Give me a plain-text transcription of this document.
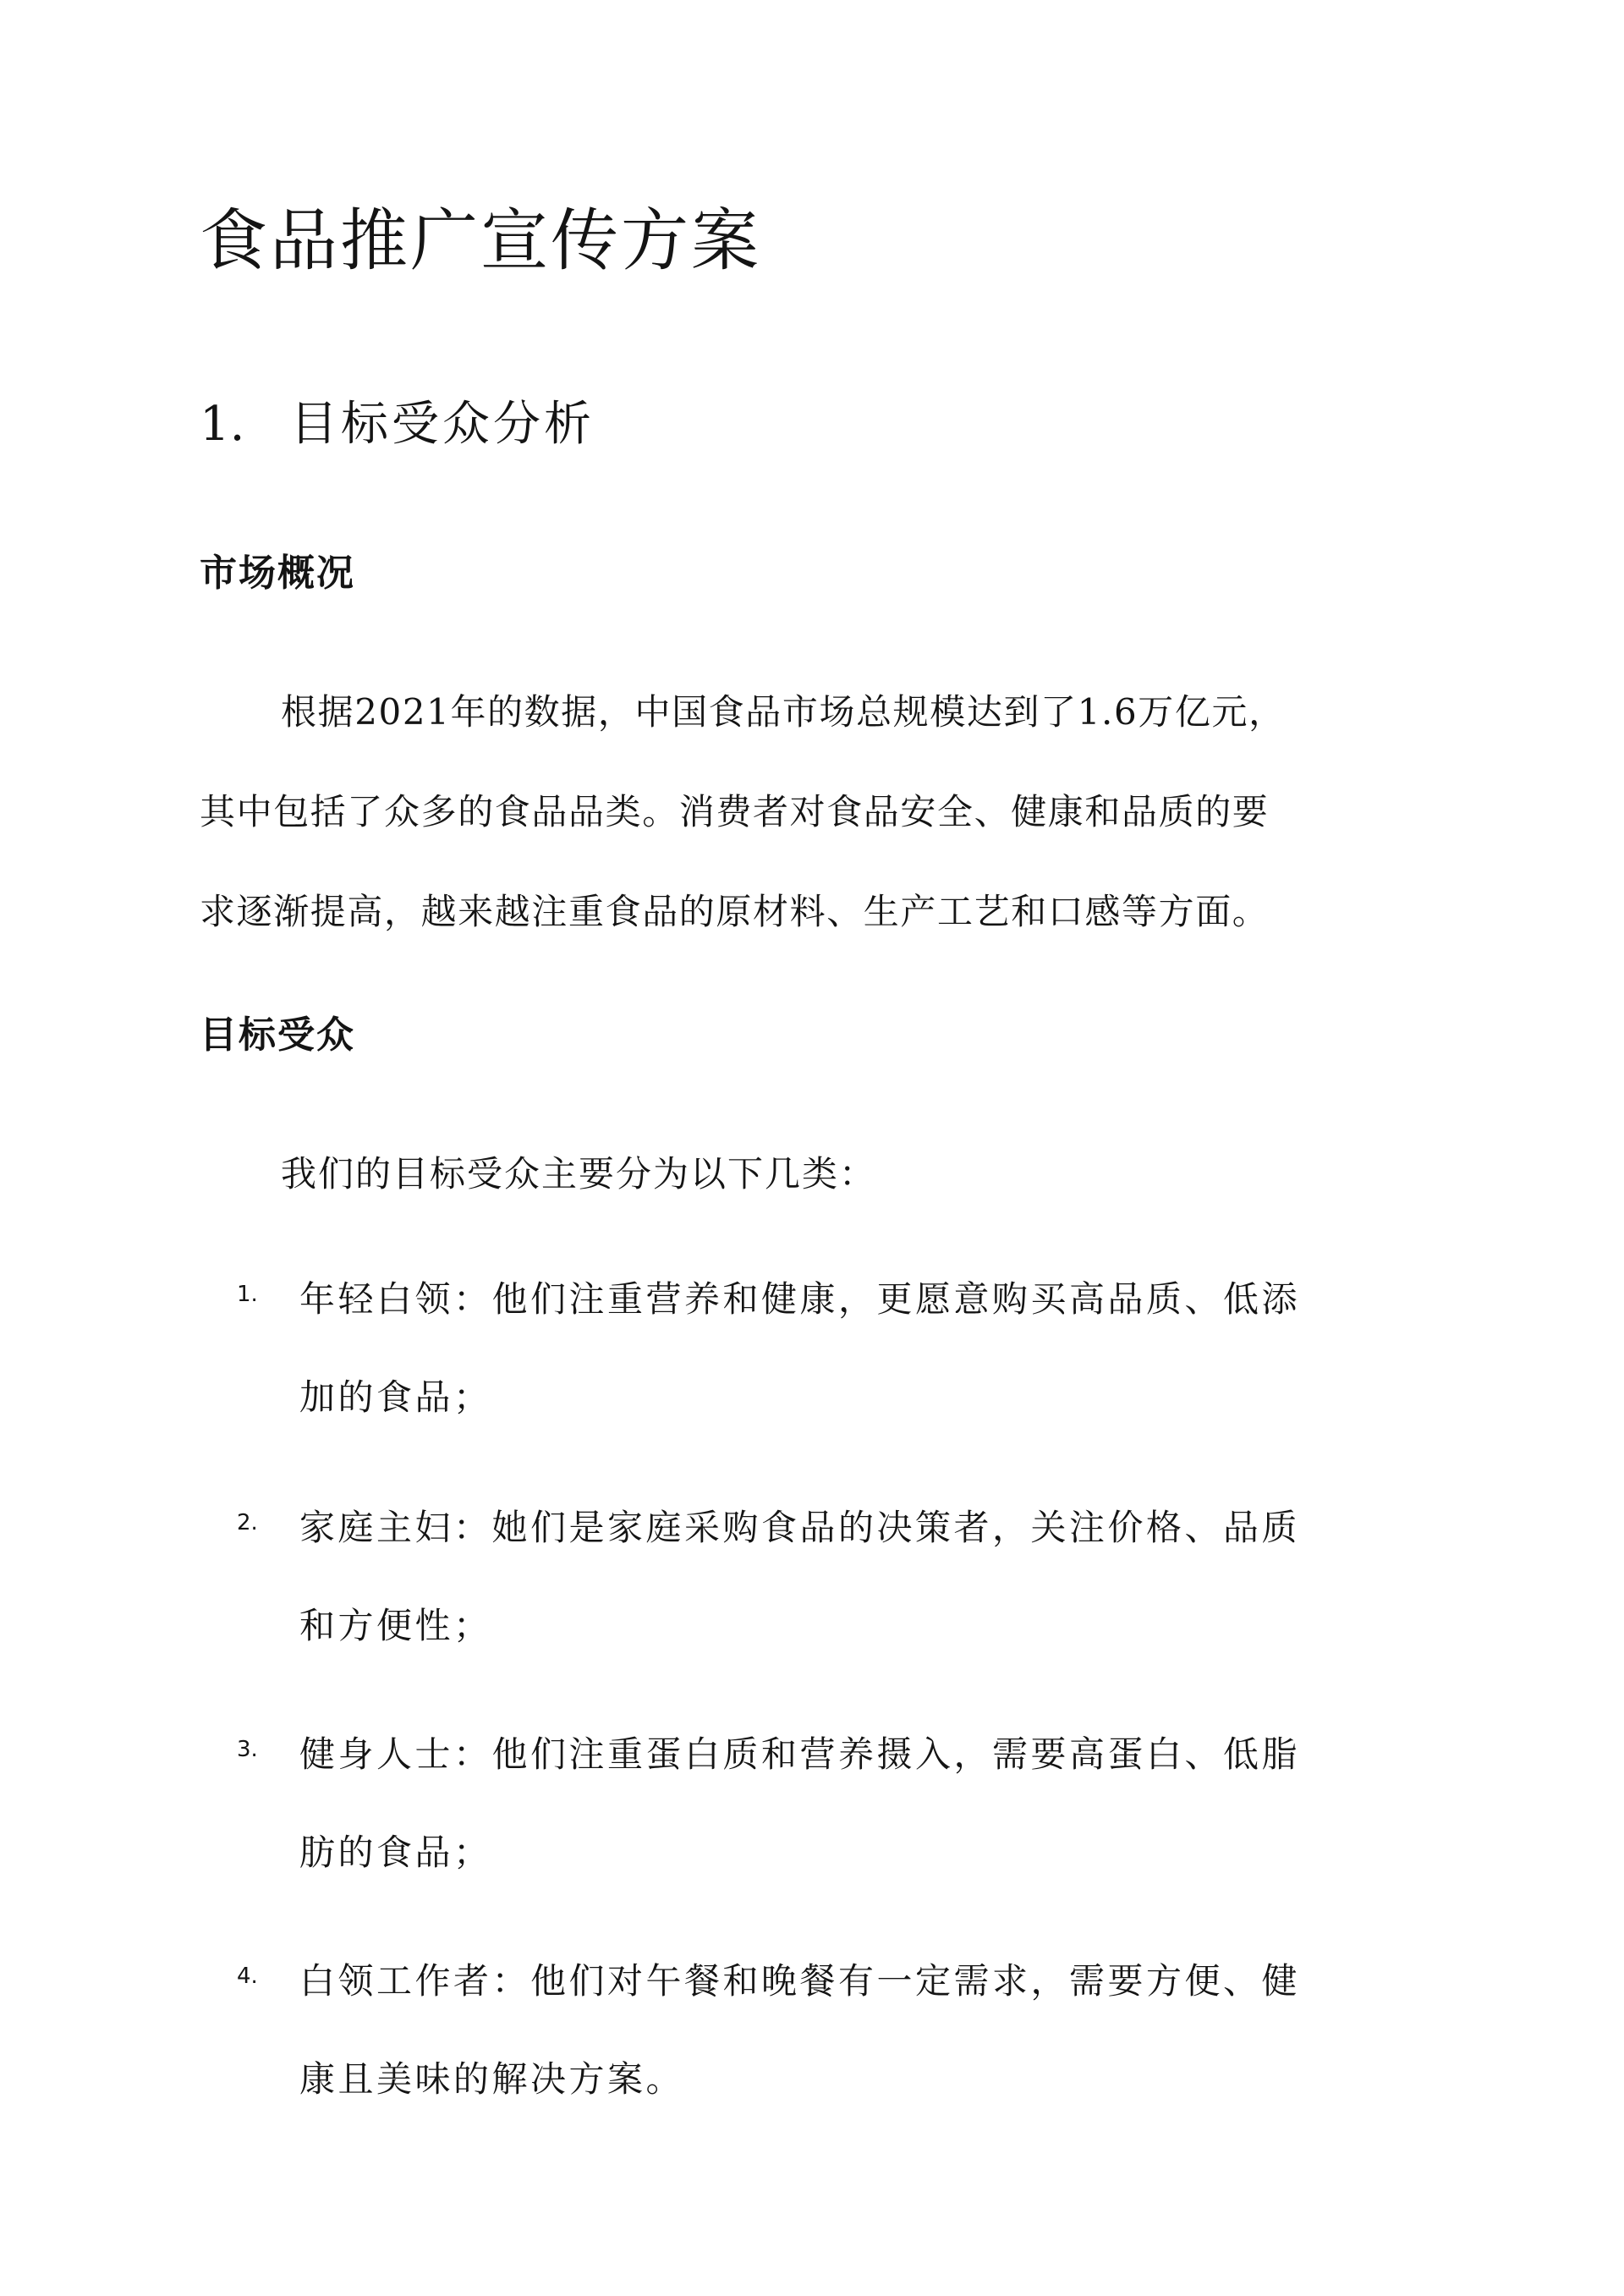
食品推广宣传方案
1. 目标受众分析
市场概况

根据2021年的数据，中国食品市场总规模达到了1.6万亿元，
其中包括了众多的食品品类。消费者对食品安全、健康和品质的要
求逐渐提高，越来越注重食品的原材料、生产工艺和口感等方面。

目标受众

我们的目标受众主要分为以下几类：

1. 年轻白领：他们注重营养和健康，更愿意购买高品质、低添
加的食品；
2. 家庭主妇：她们是家庭采购食品的决策者，关注价格、品质
和方便性；
3. 健身人士：他们注重蛋白质和营养摄入，需要高蛋白、低脂
肪的食品；
4. 白领工作者：他们对午餐和晚餐有一定需求，需要方便、健
康且美味的解决方案。
